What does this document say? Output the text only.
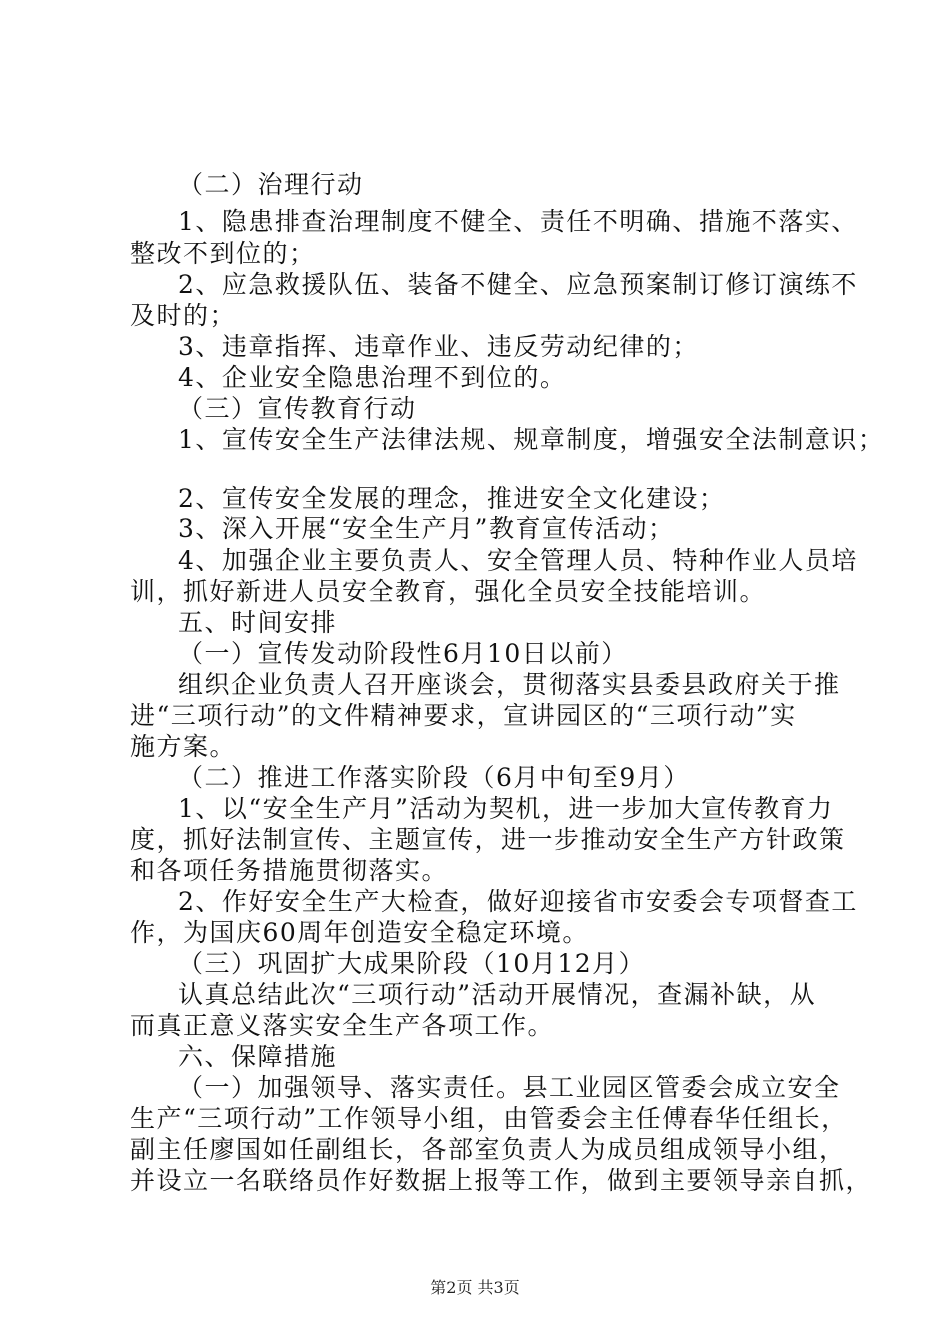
（二）治理行动
1、隐患排查治理制度不健全、责任不明确、措施不落实、
整改不到位的；
2、应急救援队伍、装备不健全、应急预案制订修订演练不
及时的；
3、违章指挥、违章作业、违反劳动纪律的；
4、企业安全隐患治理不到位的。
（三）宣传教育行动
1、宣传安全生产法律法规、规章制度，增强安全法制意识；
2、宣传安全发展的理念，推进安全文化建设；
3、深入开展“安全生产月”教育宣传活动；
4、加强企业主要负责人、安全管理人员、特种作业人员培
训，抓好新进人员安全教育，强化全员安全技能培训。
五、时间安排
（一）宣传发动阶段性6月10日以前）
组织企业负责人召开座谈会，贯彻落实县委县政府关于推
进“三项行动”的文件精神要求，宣讲园区的“三项行动”实
施方案。
（二）推进工作落实阶段（6月中旬至9月）
1、以“安全生产月”活动为契机，进一步加大宣传教育力
度，抓好法制宣传、主题宣传，进一步推动安全生产方针政策
和各项任务措施贯彻落实。
2、作好安全生产大检查，做好迎接省市安委会专项督查工
作，为国庆60周年创造安全稳定环境。
（三）巩固扩大成果阶段（10月12月）
认真总结此次“三项行动”活动开展情况，查漏补缺，从
而真正意义落实安全生产各项工作。
六、保障措施
（一）加强领导、落实责任。县工业园区管委会成立安全
生产“三项行动”工作领导小组，由管委会主任傅春华任组长，
副主任廖国如任副组长，各部室负责人为成员组成领导小组，
并设立一名联络员作好数据上报等工作，做到主要领导亲自抓，
第2页 共3页
